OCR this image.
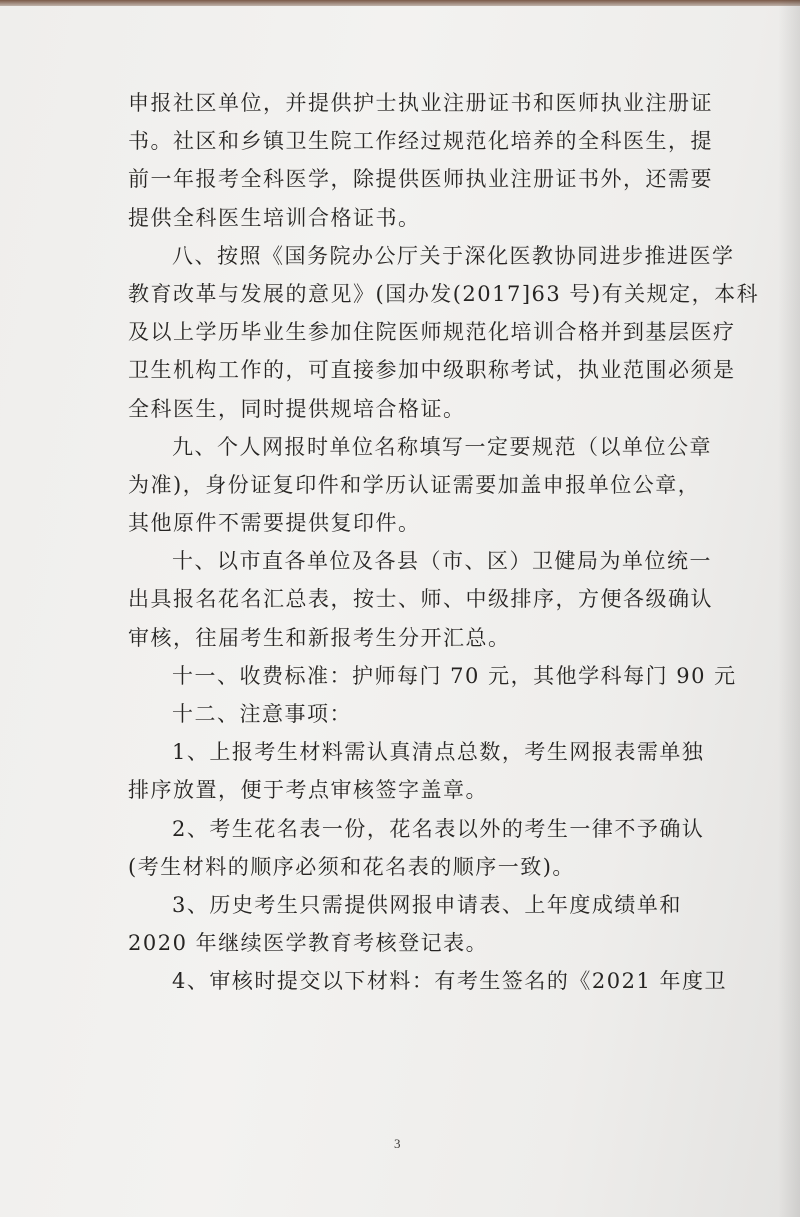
申报社区单位，并提供护士执业注册证书和医师执业注册证
书。社区和乡镇卫生院工作经过规范化培养的全科医生，提
前一年报考全科医学，除提供医师执业注册证书外，还需要
提供全科医生培训合格证书。
八、按照《国务院办公厅关于深化医教协同进步推进医学
教育改革与发展的意见》(国办发(2017]63 号)有关规定，本科
及以上学历毕业生参加住院医师规范化培训合格并到基层医疗
卫生机构工作的，可直接参加中级职称考试，执业范围必须是
全科医生，同时提供规培合格证。
九、个人网报时单位名称填写一定要规范（以单位公章
为准)，身份证复印件和学历认证需要加盖申报单位公章，
其他原件不需要提供复印件。
十、以市直各单位及各县（市、区）卫健局为单位统一
出具报名花名汇总表，按士、师、中级排序，方便各级确认
审核，往届考生和新报考生分开汇总。
十一、收费标准：护师每门 70 元，其他学科每门 90 元
十二、注意事项：
1、上报考生材料需认真清点总数，考生网报表需单独
排序放置，便于考点审核签字盖章。
2、考生花名表一份，花名表以外的考生一律不予确认
(考生材料的顺序必须和花名表的顺序一致)。
3、历史考生只需提供网报申请表、上年度成绩单和
2020 年继续医学教育考核登记表。
4、审核时提交以下材料：有考生签名的《2021 年度卫
3
